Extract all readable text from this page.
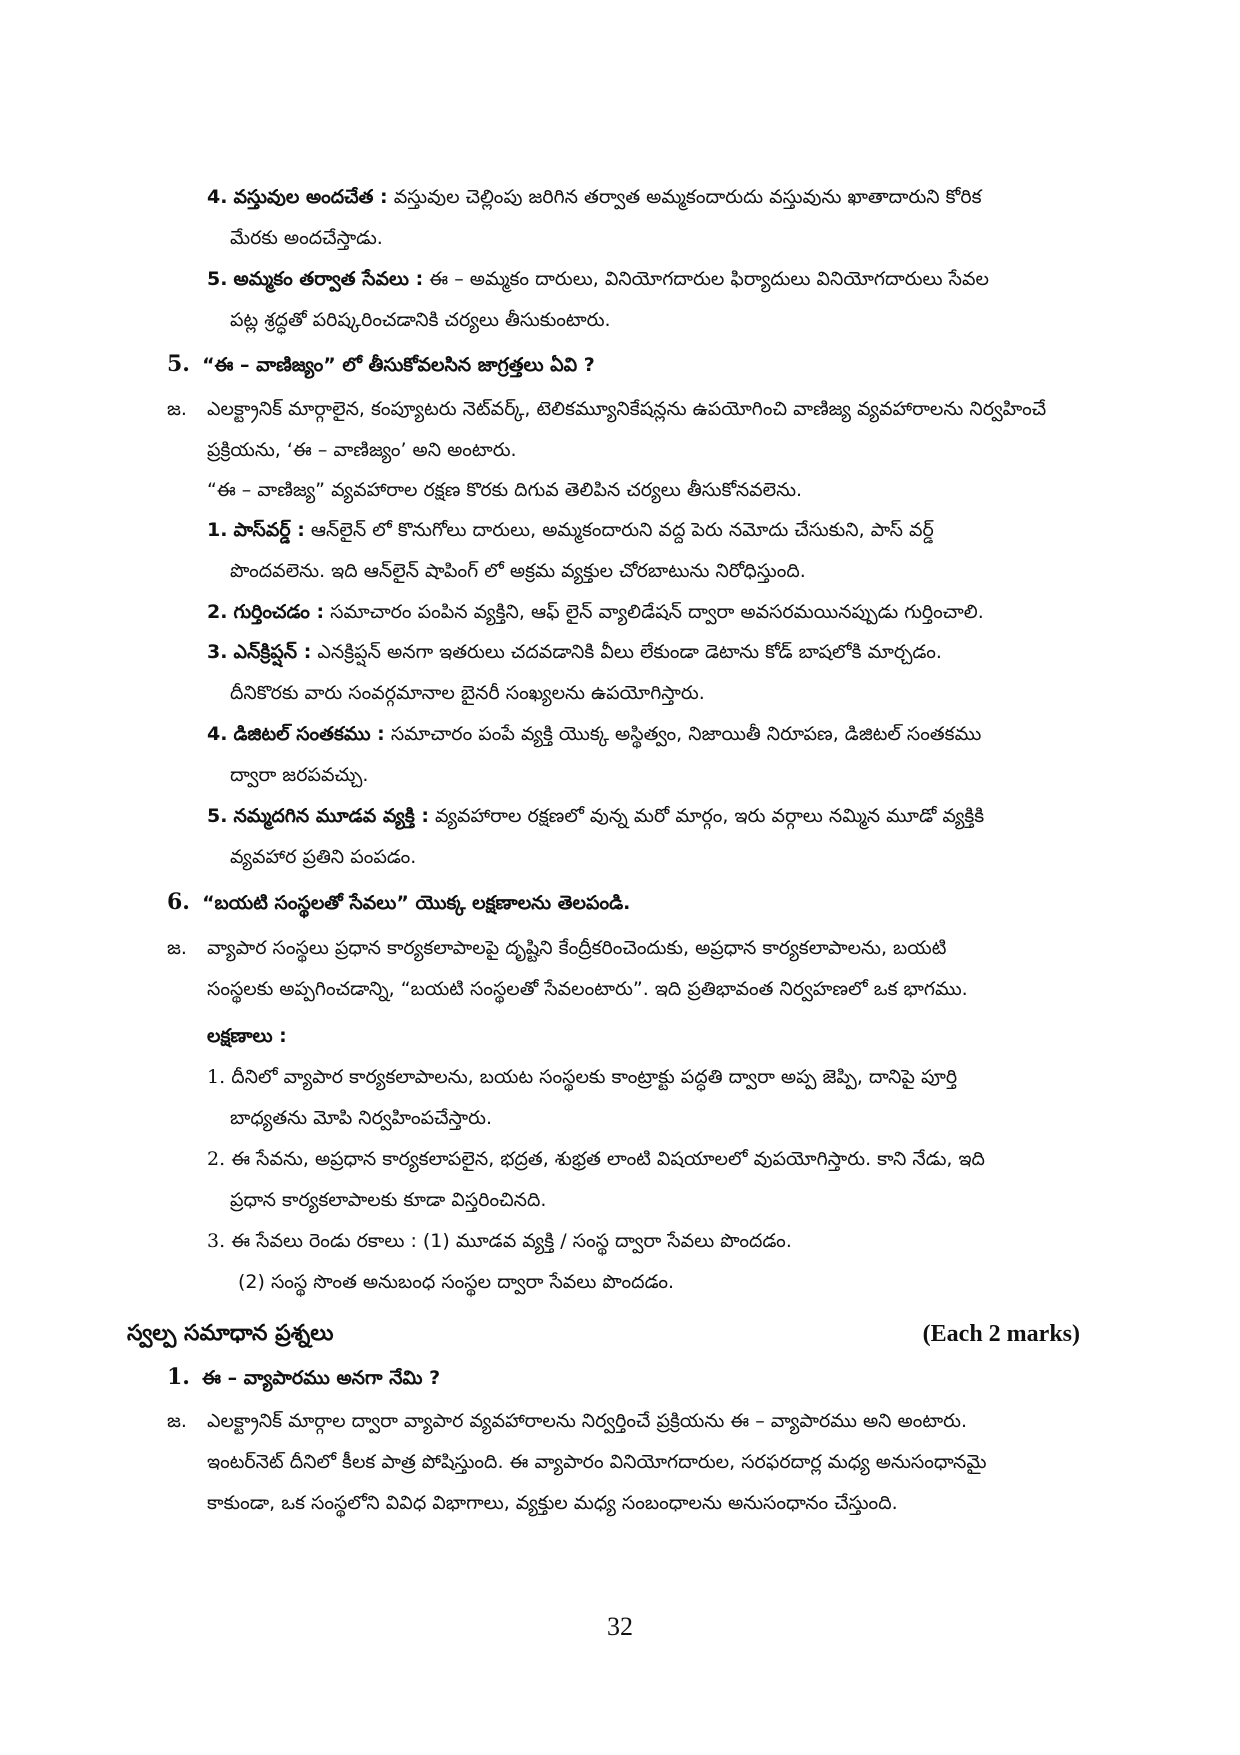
4.
వస్తువుల అందచేత :
వస్తువుల చెల్లింపు జరిగిన తర్వాత అమ్మకందారుదు వస్తువును ఖాతాదారుని కోరిక
మేరకు అందచేస్తాడు.
5.
అమ్మకం తర్వాత సేవలు :
ఈ – అమ్మకం దారులు, వినియోగదారుల ఫిర్యాదులు వినియోగదారులు సేవల
పట్ల శ్రద్ధతో పరిష్కరించడానికి చర్యలు తీసుకుంటారు.
5.
“ఈ – వాణిజ్యం” లో తీసుకోవలసిన జాగ్రత్తలు ఏవి ?
జ. ఎలక్ట్రానిక్ మార్గాలైన, కంప్యూటరు నెట్‌వర్క్, టెలికమ్యూనికేషన్లను ఉపయోగించి వాణిజ్య వ్యవహారాలను నిర్వహించే
ప్రక్రియను, ‘ఈ – వాణిజ్యం’ అని అంటారు.
“ఈ – వాణిజ్య” వ్యవహారాల రక్షణ కొరకు దిగువ తెలిపిన చర్యలు తీసుకోనవలెను.
1.
పాస్‌వర్డ్ :
ఆన్‌లైన్ లో కొనుగోలు దారులు, అమ్మకందారుని వద్ద పెరు నమోదు చేసుకుని, పాస్ వర్డ్
పొందవలెను. ఇది ఆన్‌లైన్ షాపింగ్ లో అక్రమ వ్యక్తుల చోరబాటును నిరోధిస్తుంది.
2.
గుర్తించడం :
సమాచారం పంపిన వ్యక్తిని, ఆఫ్ లైన్ వ్యాలిడేషన్ ద్వారా అవసరమయినప్పుడు గుర్తించాలి.
3.
ఎన్‌క్రిప్షన్ :
ఎనక్రిప్షన్ అనగా ఇతరులు చదవడానికి వీలు లేకుండా డెటాను కోడ్ బాషలోకి మార్చడం.
దీనికొరకు వారు సంవర్గమానాల బైనరీ సంఖ్యలను ఉపయోగిస్తారు.
4.
డిజిటల్ సంతకము :
సమాచారం పంపే వ్యక్తి యొక్క అస్థిత్వం, నిజాయితీ నిరూపణ, డిజిటల్ సంతకము
ద్వారా జరపవచ్చు.
5.
నమ్మదగిన మూడవ వ్యక్తి :
వ్యవహారాల రక్షణలో వున్న మరో మార్గం, ఇరు వర్గాలు నమ్మిన మూడో వ్యక్తికి
వ్యవహార ప్రతిని పంపడం.
6.
“బయటి సంస్థలతో సేవలు” యొక్క లక్షణాలను తెలపండి.
జ. వ్యాపార సంస్థలు ప్రధాన కార్యకలాపాలపై దృష్టిని కేంద్రీకరించెందుకు, అప్రధాన కార్యకలాపాలను, బయటి
సంస్థలకు అప్పగించడాన్ని, “బయటి సంస్థలతో సేవలంటారు”. ఇది ప్రతిభావంత నిర్వహణలో ఒక భాగము.
లక్షణాలు :
1.
దీనిలో వ్యాపార కార్యకలాపాలను, బయట సంస్థలకు కాంట్రాక్టు పద్ధతి ద్వారా అప్ప జెప్పి, దానిపై పూర్తి
బాధ్యతను మోపి నిర్వహింపచేస్తారు.
2.
ఈ సేవను, అప్రధాన కార్యకలాపలైన, భద్రత, శుభ్రత లాంటి విషయాలలో వుపయోగిస్తారు. కాని నేడు, ఇది
ప్రధాన కార్యకలాపాలకు కూడా విస్తరించినది.
3.
ఈ సేవలు రెండు రకాలు : (1) మూడవ వ్యక్తి / సంస్థ ద్వారా సేవలు పొందడం.
(2) సంస్థ సొంత అనుబంధ సంస్థల ద్వారా సేవలు పొందడం.
స్వల్ప సమాధాన ప్రశ్నలు	(Each 2 marks)
1.
ఈ – వ్యాపారము అనగా నేమి ?
జ. ఎలక్ట్రానిక్ మార్గాల ద్వారా వ్యాపార వ్యవహారాలను నిర్వర్తించే ప్రక్రియను ఈ – వ్యాపారము అని అంటారు.
ఇంటర్‌నెట్ దీనిలో కీలక పాత్ర పోషిస్తుంది. ఈ వ్యాపారం వినియోగదారుల, సరఫరదార్ల మధ్య అనుసంధానమై
కాకుండా, ఒక సంస్థలోని వివిధ విభాగాలు, వ్యక్తుల మధ్య సంబంధాలను అనుసంధానం చేస్తుంది.
32
